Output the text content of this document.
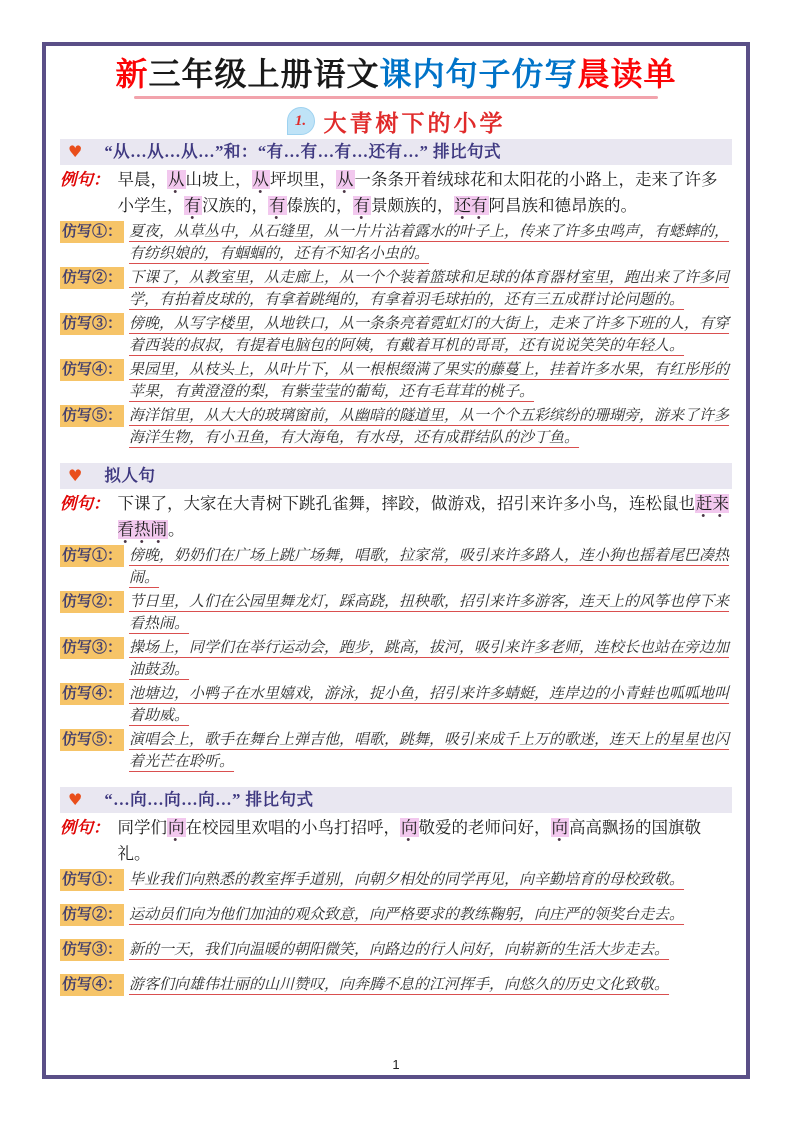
新三年级上册语文课内句子仿写晨读单
1. 大青树下的小学
♥ “从…从…从…”和：“有…有…有…还有…” 排比句式
例句： 早晨，从山坡上，从坪坝里，从一条条开着绒球花和太阳花的小路上，走来了许多小学生，有汉族的，有傣族的，有景颇族的，还有阿昌族和德昂族的。
仿写①： 夏夜，从草丛中，从石缝里，从一片片沾着露水的叶子上，传来了许多虫鸣声，有蟋蟀的，有纺织娘的，有蝈蝈的，还有不知名小虫的。
仿写②： 下课了，从教室里，从走廊上，从一个个装着篮球和足球的体育器材室里，跑出来了许多同学，有拍着皮球的，有拿着跳绳的，有拿着羽毛球拍的，还有三五成群讨论问题的。
仿写③： 傍晚，从写字楼里，从地铁口，从一条条亮着霓虹灯的大街上，走来了许多下班的人，有穿着西装的叔叔，有提着电脑包的阿姨，有戴着耳机的哥哥，还有说说笑笑的年轻人。
仿写④： 果园里，从枝头上，从叶片下，从一根根缀满了果实的藤蔓上，挂着许多水果，有红彤彤的苹果，有黄澄澄的梨，有紫莹莹的葡萄，还有毛茸茸的桃子。
仿写⑤： 海洋馆里，从大大的玻璃窗前，从幽暗的隧道里，从一个个五彩缤纷的珊瑚旁，游来了许多海洋生物，有小丑鱼，有大海龟，有水母，还有成群结队的沙丁鱼。
♥ 拟人句
例句： 下课了，大家在大青树下跳孔雀舞，摔跤，做游戏，招引来许多小鸟，连松鼠也赶来看热闹。
仿写①： 傍晚，奶奶们在广场上跳广场舞，唱歌，拉家常，吸引来许多路人，连小狗也摇着尾巴凑热闹。
仿写②： 节日里，人们在公园里舞龙灯，踩高跷，扭秧歌，招引来许多游客，连天上的风筝也停下来看热闹。
仿写③： 操场上，同学们在举行运动会，跑步，跳高，拔河，吸引来许多老师，连校长也站在旁边加油鼓劲。
仿写④： 池塘边，小鸭子在水里嬉戏，游泳，捉小鱼，招引来许多蜻蜓，连岸边的小青蛙也呱呱地叫着助威。
仿写⑤： 演唱会上，歌手在舞台上弹吉他，唱歌，跳舞，吸引来成千上万的歌迷，连天上的星星也闪着光芒在聆听。
♥ “…向…向…向…” 排比句式
例句： 同学们向在校园里欢唱的小鸟打招呼，向敬爱的老师问好，向高高飘扬的国旗敬礼。
仿写①： 毕业我们向熟悉的教室挥手道别，向朝夕相处的同学再见，向辛勤培育的母校致敬。
仿写②： 运动员们向为他们加油的观众致意，向严格要求的教练鞠躬，向庄严的领奖台走去。
仿写③： 新的一天，我们向温暖的朝阳微笑，向路边的行人问好，向崭新的生活大步走去。
仿写④： 游客们向雄伟壮丽的山川赞叹，向奔腾不息的江河挥手，向悠久的历史文化致敬。
1
